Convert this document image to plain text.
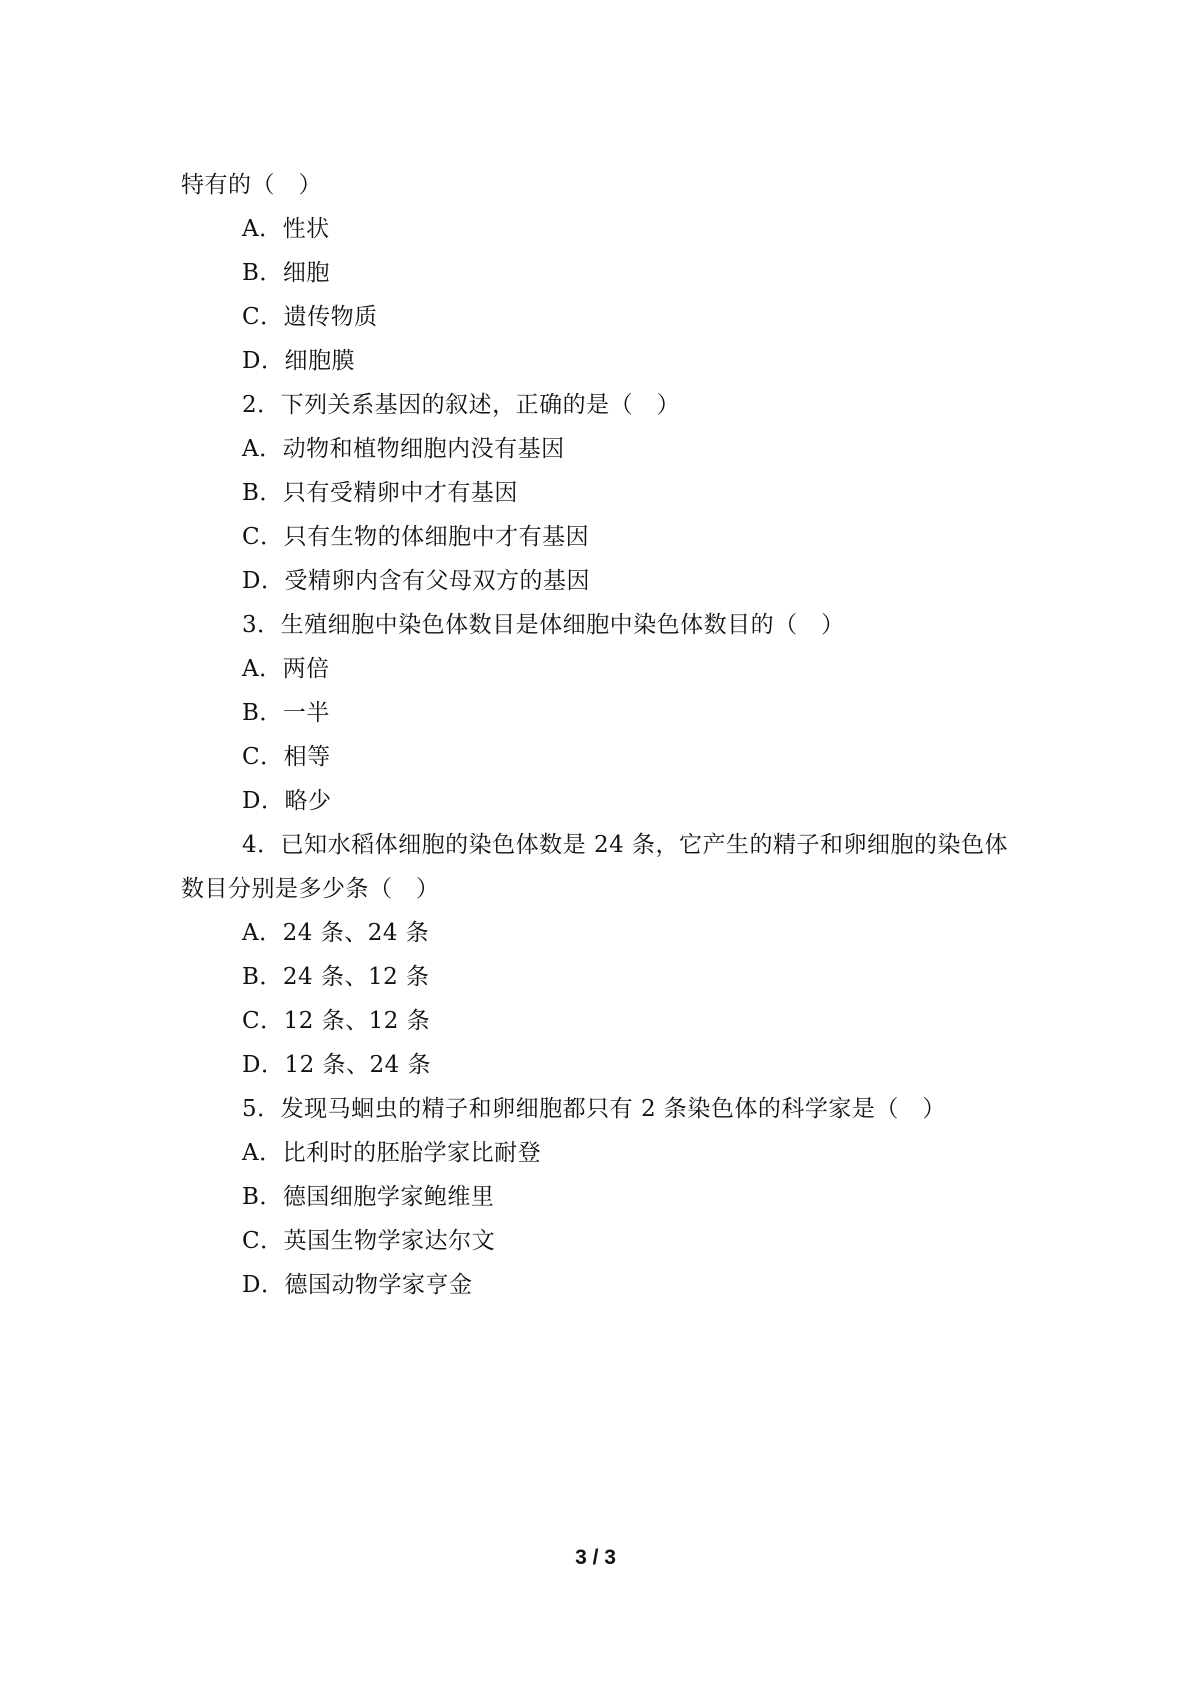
特有的（　）
A．性状
B．细胞
C．遗传物质
D．细胞膜
2．下列关系基因的叙述，正确的是（　）
A．动物和植物细胞内没有基因
B．只有受精卵中才有基因
C．只有生物的体细胞中才有基因
D．受精卵内含有父母双方的基因
3．生殖细胞中染色体数目是体细胞中染色体数目的（　）
A．两倍
B．一半
C．相等
D．略少
4．已知水稻体细胞的染色体数是 24 条，它产生的精子和卵细胞的染色体
数目分别是多少条（　）
A．24 条、24 条
B．24 条、12 条
C．12 条、12 条
D．12 条、24 条
5．发现马蛔虫的精子和卵细胞都只有 2 条染色体的科学家是（　）
A．比利时的胚胎学家比耐登
B．德国细胞学家鲍维里
C．英国生物学家达尔文
D．德国动物学家亨金
3 / 3
